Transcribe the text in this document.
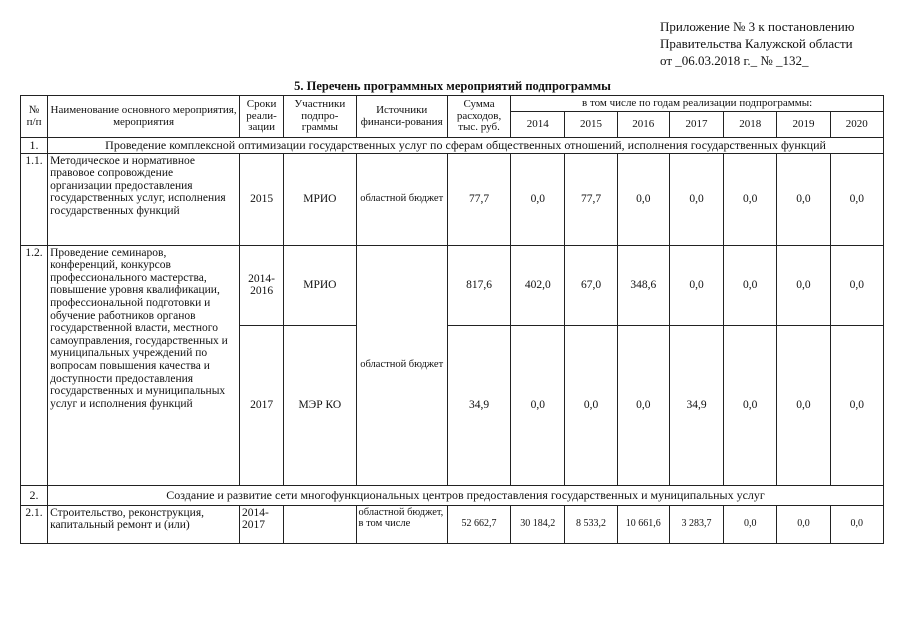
Приложение № 3 к постановлению
Правительства Калужской области
от _06.03.2018 г._ № _132_
5. Перечень программных мероприятий подпрограммы
№ п/п	Наименование основного мероприятия, мероприятия	Сроки реали-зации	Участники подпро-граммы	Источники финанси-рования	Сумма расходов, тыс. руб.	в том числе по годам реализации подпрограммы:						
						2014	2015	2016	2017	2018	2019	2020
1.	Проведение комплексной оптимизации государственных услуг по сферам общественных отношений, исполнения государственных функций											
1.1.	Методическое и нормативное правовое сопровождение организации предоставления государственных услуг, исполнения государственных функций	2015	МРИО	областной бюджет	77,7	0,0	77,7	0,0	0,0	0,0	0,0	0,0
1.2.	Проведение семинаров, конференций, конкурсов профессионального мастерства, повышение уровня квалификации, профессиональной подготовки и обучение работников органов государственной власти, местного самоуправления, государственных и муниципальных учреждений по вопросам повышения качества и доступности предоставления государственных и муниципальных услуг и исполнения функций	2014-2016	МРИО	областной бюджет	817,6	402,0	67,0	348,6	0,0	0,0	0,0	0,0
		2017	МЭР КО		34,9	0,0	0,0	0,0	34,9	0,0	0,0	0,0
2.	Создание и развитие сети многофункциональных центров предоставления государственных и муниципальных услуг											
2.1.	Строительство, реконструкция, капитальный ремонт и (или)	2014-2017		областной бюджет, в том числе	52 662,7	30 184,2	8 533,2	10 661,6	3 283,7	0,0	0,0	0,0
